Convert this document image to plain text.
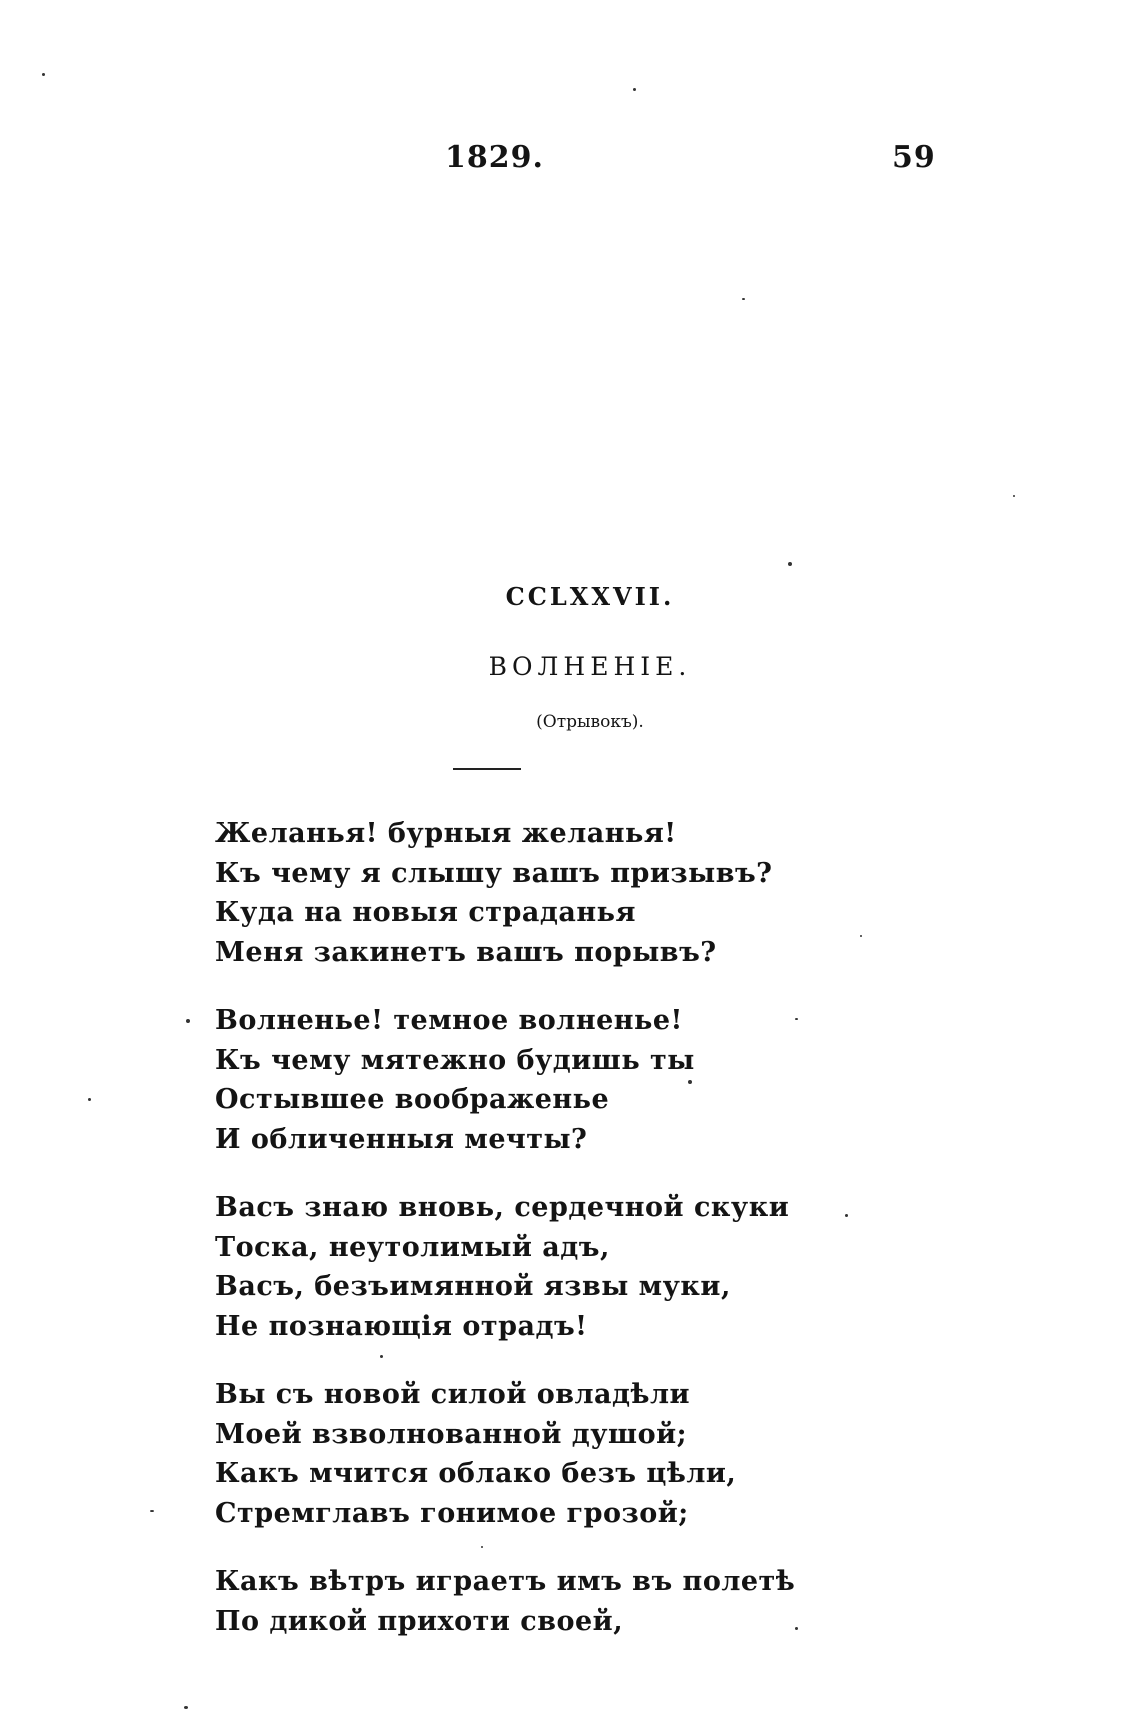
1829.	59
CCLXXVII.
ВОЛНЕНІЕ.
(Отрывокъ).
Желанья! бурныя желанья!
Къ чему я слышу вашъ призывъ?
Куда на новыя страданья
Меня закинетъ вашъ порывъ?
Волненье! темное волненье!
Къ чему мятежно будишь ты
Остывшее воображенье
И обличенныя мечты?
Васъ знаю вновь, сердечной скуки
Тоска, неутолимый адъ,
Васъ, безъимянной язвы муки,
Не познающія отрадъ!
Вы съ новой силой овладѣли
Моей взволнованной душой;
Какъ мчится облако безъ цѣли,
Стремглавъ гонимое грозой;
Какъ вѣтръ играетъ имъ въ полетѣ
По дикой прихоти своей,
